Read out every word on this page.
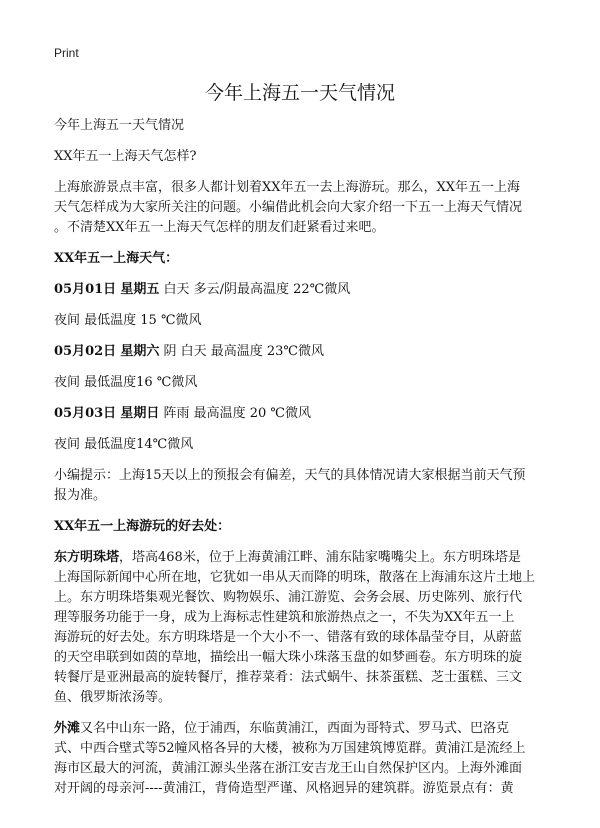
Print
今年上海五一天气情况

今年上海五一天气情况

XX年五一上海天气怎样?

上海旅游景点丰富，很多人都计划着XX年五一去上海游玩。那么，XX年五一上海
天气怎样成为大家所关注的问题。小编借此机会向大家介绍一下五一上海天气情况
。不清楚XX年五一上海天气怎样的朋友们赶紧看过来吧。

XX年五一上海天气：

05月01日 星期五 白天 多云/阴最高温度 22℃微风

夜间 最低温度 15 ℃微风

05月02日 星期六 阴 白天 最高温度 23℃微风

夜间 最低温度16 ℃微风

05月03日 星期日 阵雨 最高温度 20 ℃微风

夜间 最低温度14℃微风

小编提示：上海15天以上的预报会有偏差，天气的具体情况请大家根据当前天气预
报为准。

XX年五一上海游玩的好去处：

东方明珠塔，塔高468米，位于上海黄浦江畔、浦东陆家嘴嘴尖上。东方明珠塔是
上海国际新闻中心所在地，它犹如一串从天而降的明珠，散落在上海浦东这片土地上
上。东方明珠塔集观光餐饮、购物娱乐、浦江游览、会务会展、历史陈列、旅行代
理等服务功能于一身，成为上海标志性建筑和旅游热点之一，不失为XX年五一上
海游玩的好去处。东方明珠塔是一个大小不一、错落有致的球体晶莹夺目，从蔚蓝
的天空串联到如茵的草地，描绘出一幅大珠小珠落玉盘的如梦画卷。东方明珠的旋
转餐厅是亚洲最高的旋转餐厅，推荐菜肴：法式蜗牛、抹茶蛋糕、芝士蛋糕、三文
鱼、俄罗斯浓汤等。

外滩又名中山东一路，位于浦西，东临黄浦江，西面为哥特式、罗马式、巴洛克
式、中西合壁式等52幢风格各异的大楼，被称为万国建筑博览群。黄浦江是流经上
海市区最大的河流，黄浦江源头坐落在浙江安吉龙王山自然保护区内。上海外滩面
对开阔的母亲河----黄浦江，背倚造型严谨、风格迥异的建筑群。游览景点有：黄
